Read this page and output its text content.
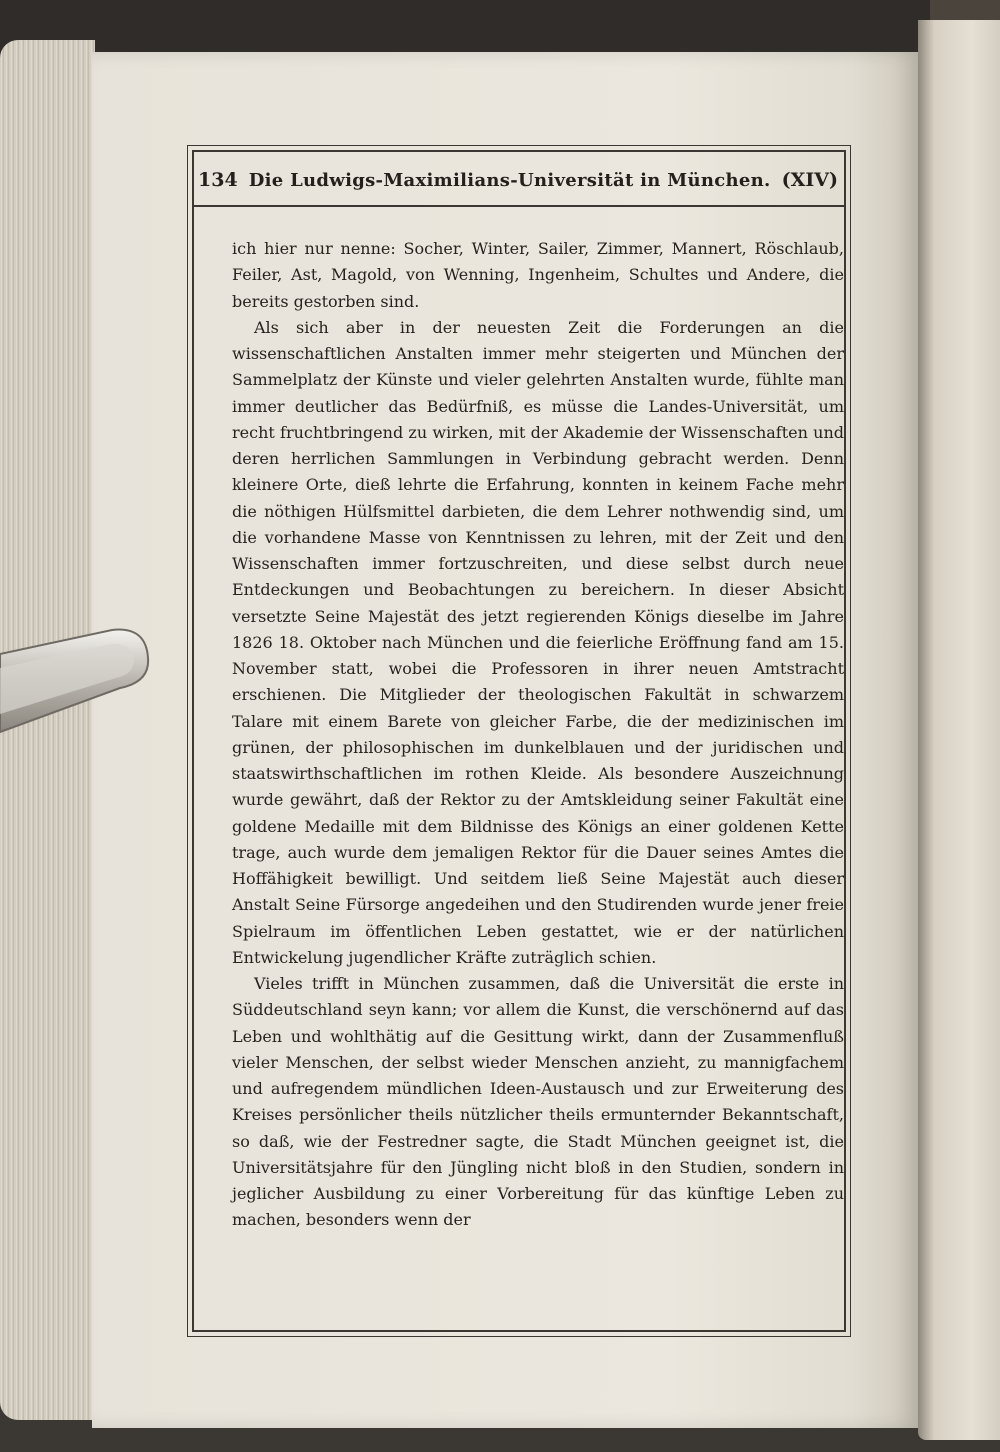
134 Die Ludwigs-Maximilians-Universität in München. (XIV)

ich hier nur nenne: Socher, Winter, Sailer, Zimmer, Mannert, Röschlaub, Feiler, Ast, Magold, von Wenning, Ingenheim, Schultes und Andere, die bereits gestorben sind.

Als sich aber in der neuesten Zeit die Forderungen an die wissenschaftlichen Anstalten immer mehr steigerten und München der Sammelplatz der Künste und vieler gelehrten Anstalten wurde, fühlte man immer deutlicher das Bedürfniß, es müsse die Landes-Universität, um recht fruchtbringend zu wirken, mit der Akademie der Wissenschaften und deren herrlichen Sammlungen in Verbindung gebracht werden. Denn kleinere Orte, dieß lehrte die Erfahrung, konnten in keinem Fache mehr die nöthigen Hülfsmittel darbieten, die dem Lehrer nothwendig sind, um die vorhandene Masse von Kenntnissen zu lehren, mit der Zeit und den Wissenschaften immer fortzuschreiten, und diese selbst durch neue Entdeckungen und Beobachtungen zu bereichern. In dieser Absicht versetzte Seine Majestät des jetzt regierenden Königs dieselbe im Jahre 1826 18. Oktober nach München und die feierliche Eröffnung fand am 15. November statt, wobei die Professoren in ihrer neuen Amtstracht erschienen. Die Mitglieder der theologischen Fakultät in schwarzem Talare mit einem Barete von gleicher Farbe, die der medizinischen im grünen, der philosophischen im dunkelblauen und der juridischen und staatswirthschaftlichen im rothen Kleide. Als besondere Auszeichnung wurde gewährt, daß der Rektor zu der Amtskleidung seiner Fakultät eine goldene Medaille mit dem Bildnisse des Königs an einer goldenen Kette trage, auch wurde dem jemaligen Rektor für die Dauer seines Amtes die Hoffähigkeit bewilligt. Und seitdem ließ Seine Majestät auch dieser Anstalt Seine Fürsorge angedeihen und den Studirenden wurde jener freie Spielraum im öffentlichen Leben gestattet, wie er der natürlichen Entwickelung jugendlicher Kräfte zuträglich schien.

Vieles trifft in München zusammen, daß die Universität die erste in Süddeutschland seyn kann; vor allem die Kunst, die verschönernd auf das Leben und wohlthätig auf die Gesittung wirkt, dann der Zusammenfluß vieler Menschen, der selbst wieder Menschen anzieht, zu mannigfachem und aufregendem mündlichen Ideen-Austausch und zur Erweiterung des Kreises persönlicher theils nützlicher theils ermunternder Bekanntschaft, so daß, wie der Festredner sagte, die Stadt München geeignet ist, die Universitätsjahre für den Jüngling nicht bloß in den Studien, sondern in jeglicher Ausbildung zu einer Vorbereitung für das künftige Leben zu machen, besonders wenn der
